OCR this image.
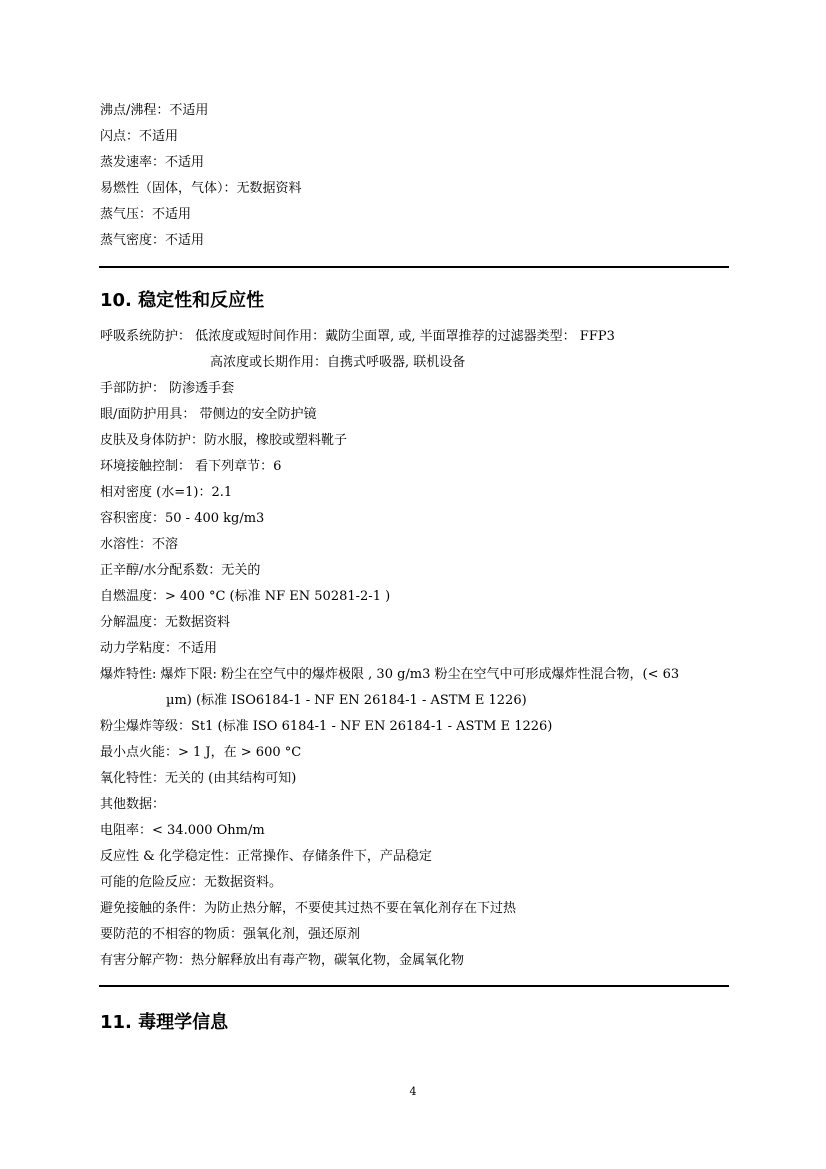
沸点/沸程：不适用
闪点：不适用
蒸发速率：不适用
易燃性（固体，气体）：无数据资料
蒸气压：不适用
蒸气密度：不适用
10. 稳定性和反应性
呼吸系统防护： 低浓度或短时间作用：戴防尘面罩, 或, 半面罩推荐的过滤器类型： FFP3
高浓度或长期作用：自携式呼吸器, 联机设备
手部防护： 防渗透手套
眼/面防护用具： 带侧边的安全防护镜
皮肤及身体防护：防水服，橡胶或塑料靴子
环境接触控制： 看下列章节：6
相对密度 (水=1)：2.1
容积密度：50 - 400 kg/m3
水溶性：不溶
正辛醇/水分配系数：无关的
自燃温度：> 400 °C (标准 NF EN 50281-2-1 )
分解温度：无数据资料
动力学粘度：不适用
爆炸特性: 爆炸下限: 粉尘在空气中的爆炸极限 , 30 g/m3 粉尘在空气中可形成爆炸性混合物，(< 63
µm) (标准 ISO6184-1 - NF EN 26184-1 - ASTM E 1226)
粉尘爆炸等级：St1 (标准 ISO 6184-1 - NF EN 26184-1 - ASTM E 1226)
最小点火能：> 1 J，在 > 600 °C
氧化特性：无关的 (由其结构可知)
其他数据：
电阻率：< 34.000 Ohm/m
反应性 & 化学稳定性：正常操作、存储条件下，产品稳定
可能的危险反应：无数据资料。
避免接触的条件：为防止热分解，不要使其过热不要在氧化剂存在下过热
要防范的不相容的物质：强氧化剂，强还原剂
有害分解产物：热分解释放出有毒产物，碳氧化物，金属氧化物
11. 毒理学信息
4
